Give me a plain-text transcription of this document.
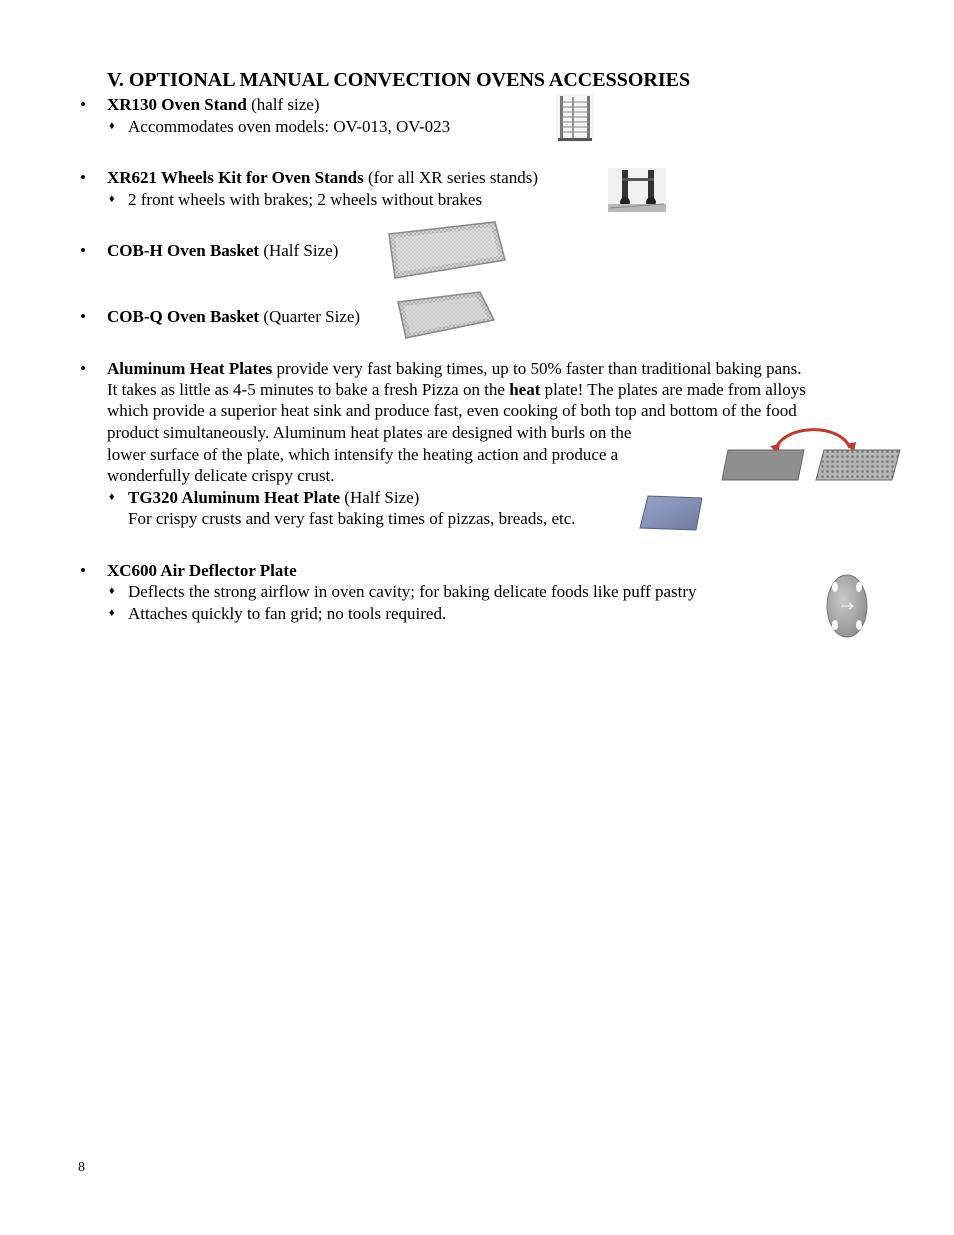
V. OPTIONAL MANUAL CONVECTION OVENS ACCESSORIES
• XR130 Oven Stand (half size)
♦ Accommodates oven models: OV-013, OV-023
• XR621 Wheels Kit for Oven Stands (for all XR series stands)
♦ 2 front wheels with brakes; 2 wheels without brakes
• COB-H Oven Basket (Half Size)
• COB-Q Oven Basket (Quarter Size)
• Aluminum Heat Plates provide very fast baking times, up to 50% faster than traditional baking pans.
It takes as little as 4-5 minutes to bake a fresh Pizza on the heat plate! The plates are made from alloys
which provide a superior heat sink and produce fast, even cooking of both top and bottom of the food
product simultaneously. Aluminum heat plates are designed with burls on the
lower surface of the plate, which intensify the heating action and produce a
wonderfully delicate crispy crust.
♦ TG320 Aluminum Heat Plate (Half Size)
For crispy crusts and very fast baking times of pizzas, breads, etc.
• XC600 Air Deflector Plate
♦ Deflects the strong airflow in oven cavity; for baking delicate foods like puff pastry
♦ Attaches quickly to fan grid; no tools required.
8
